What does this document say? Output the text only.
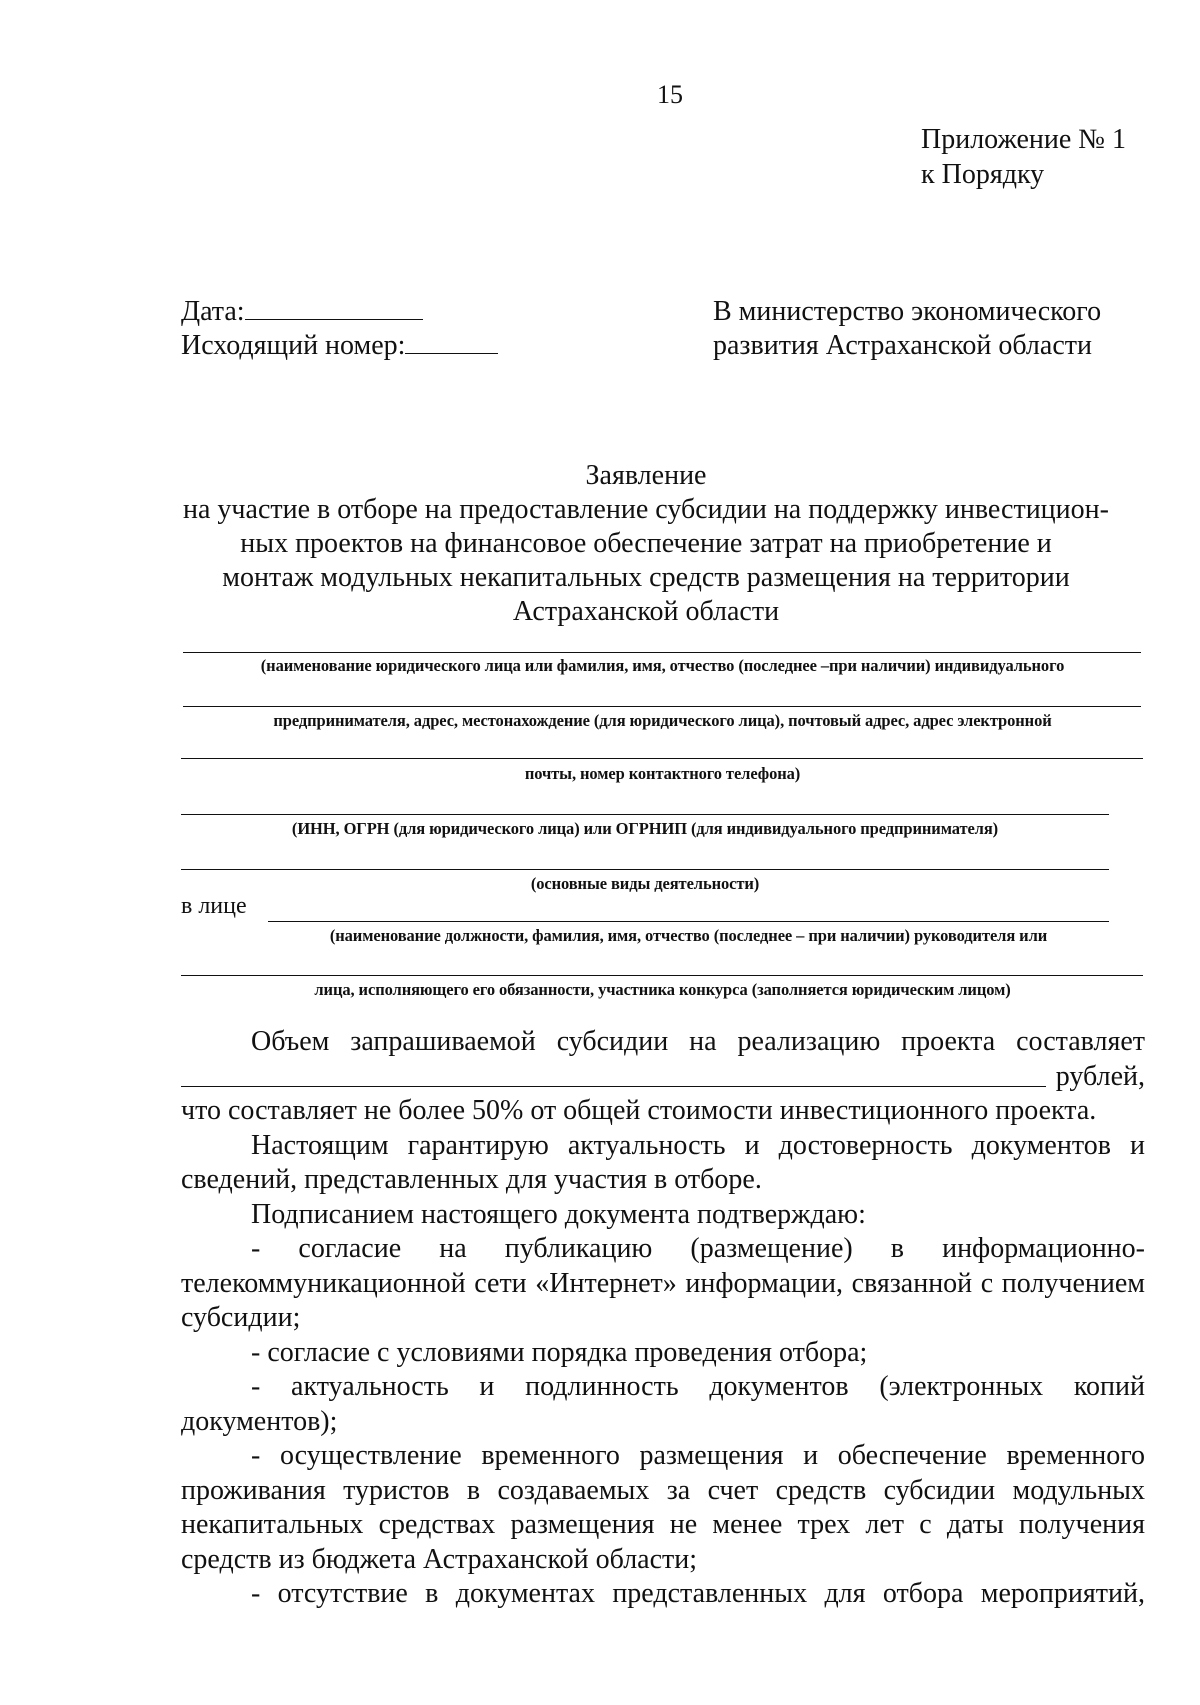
15
Приложение № 1
к Порядку
Дата:
Исходящий номер:
В министерство экономического
развития Астраханской области
Заявление
на участие в отборе на предоставление субсидии на поддержку инвестицион-
ных проектов на финансовое обеспечение затрат на приобретение и
монтаж модульных некапитальных средств размещения на территории
Астраханской области
(наименование юридического лица или фамилия, имя, отчество (последнее –при наличии) индивидуального
предпринимателя, адрес, местонахождение (для юридического лица), почтовый адрес, адрес электронной
почты, номер контактного телефона)
(ИНН, ОГРН (для юридического лица) или ОГРНИП (для индивидуального предпринимателя)
(основные виды деятельности)
в лице
(наименование должности, фамилия, имя, отчество (последнее – при наличии) руководителя или
лица, исполняющего его обязанности, участника конкурса (заполняется юридическим лицом)

Объем запрашиваемой субсидии на реализацию проекта составляет

рублей,

что составляет не более 50% от общей стоимости инвестиционного проекта.

Настоящим гарантирую актуальность и достоверность документов и сведений, представленных для участия в отборе.

Подписанием настоящего документа подтверждаю:

- согласие на публикацию (размещение) в информационно-телекоммуникационной сети «Интернет» информации, связанной с получением субсидии;

- согласие с условиями порядка проведения отбора;

- актуальность и подлинность документов (электронных копий документов);

- осуществление временного размещения и обеспечение временного проживания туристов в создаваемых за счет средств субсидии модульных некапитальных средствах размещения не менее трех лет с даты получения средств из бюджета Астраханской области;

- отсутствие в документах представленных для отбора мероприятий,
